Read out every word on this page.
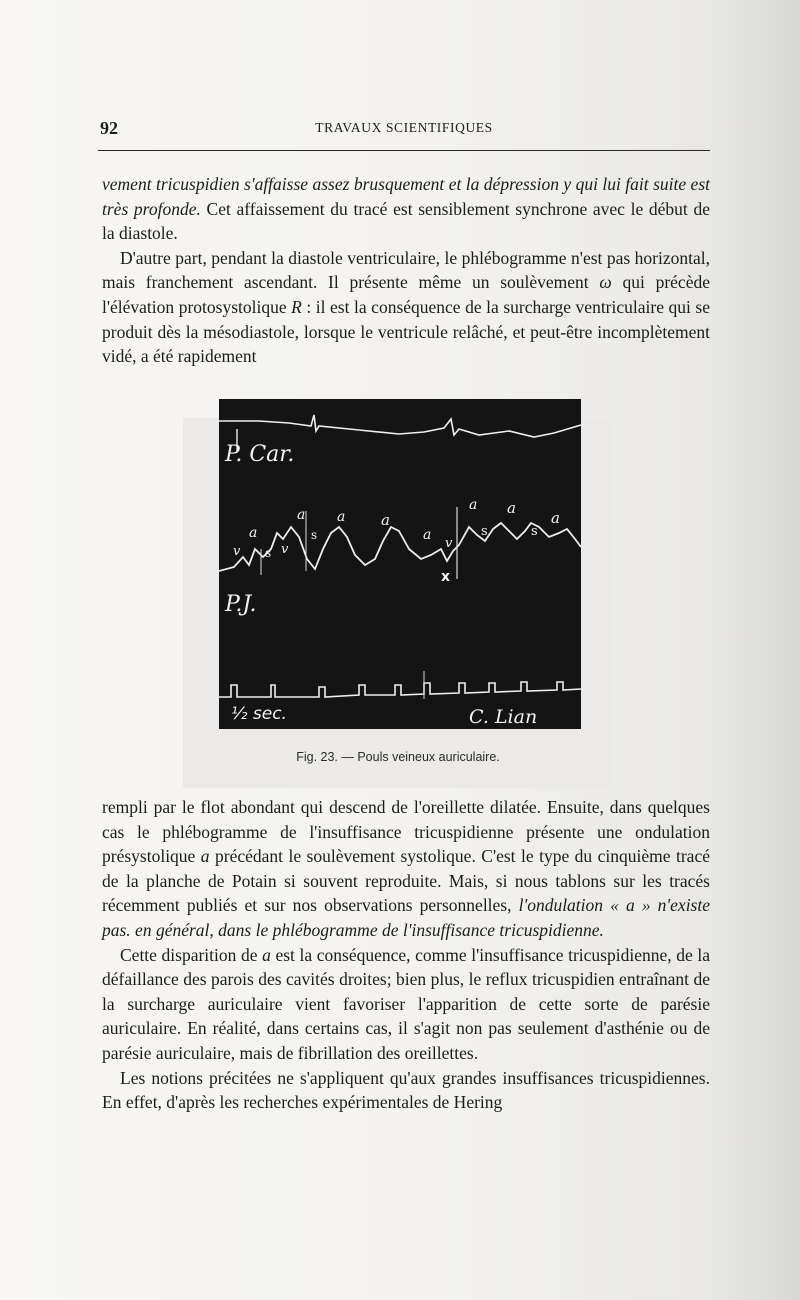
92	TRAVAUX SCIENTIFIQUES

vement tricuspidien s'affaisse assez brusquement et la dépression y qui lui fait suite est très profonde. Cet affaissement du tracé est sensiblement synchrone avec le début de la diastole.

D'autre part, pendant la diastole ventriculaire, le phlébogramme n'est pas horizontal, mais franchement ascendant. Il présente même un soulèvement ω qui précède l'élévation protosystolique R : il est la conséquence de la surcharge ventriculaire qui se produit dès la mésodiastole, lorsque le ventricule relâché, et peut-être incomplètement vidé, a été rapidement

P. Car.
P.J.
½ sec.	C. Lian
x
a
a a a
a
a a
a
v	v	v
s
s	s	s
Fig. 23. — Pouls veineux auriculaire.

rempli par le flot abondant qui descend de l'oreillette dilatée. Ensuite, dans quelques cas le phlébogramme de l'insuffisance tricuspidienne présente une ondulation présystolique a précédant le soulèvement systolique. C'est le type du cinquième tracé de la planche de Potain si souvent reproduite. Mais, si nous tablons sur les tracés récemment publiés et sur nos observations personnelles, l'ondulation « a » n'existe pas. en général, dans le phlébogramme de l'insuffisance tricuspidienne.

Cette disparition de a est la conséquence, comme l'insuffisance tricuspidienne, de la défaillance des parois des cavités droites; bien plus, le reflux tricuspidien entraînant de la surcharge auriculaire vient favoriser l'apparition de cette sorte de parésie auriculaire. En réalité, dans certains cas, il s'agit non pas seulement d'asthénie ou de parésie auriculaire, mais de fibrillation des oreillettes.

Les notions précitées ne s'appliquent qu'aux grandes insuffisances tricuspidiennes. En effet, d'après les recherches expérimentales de Hering
